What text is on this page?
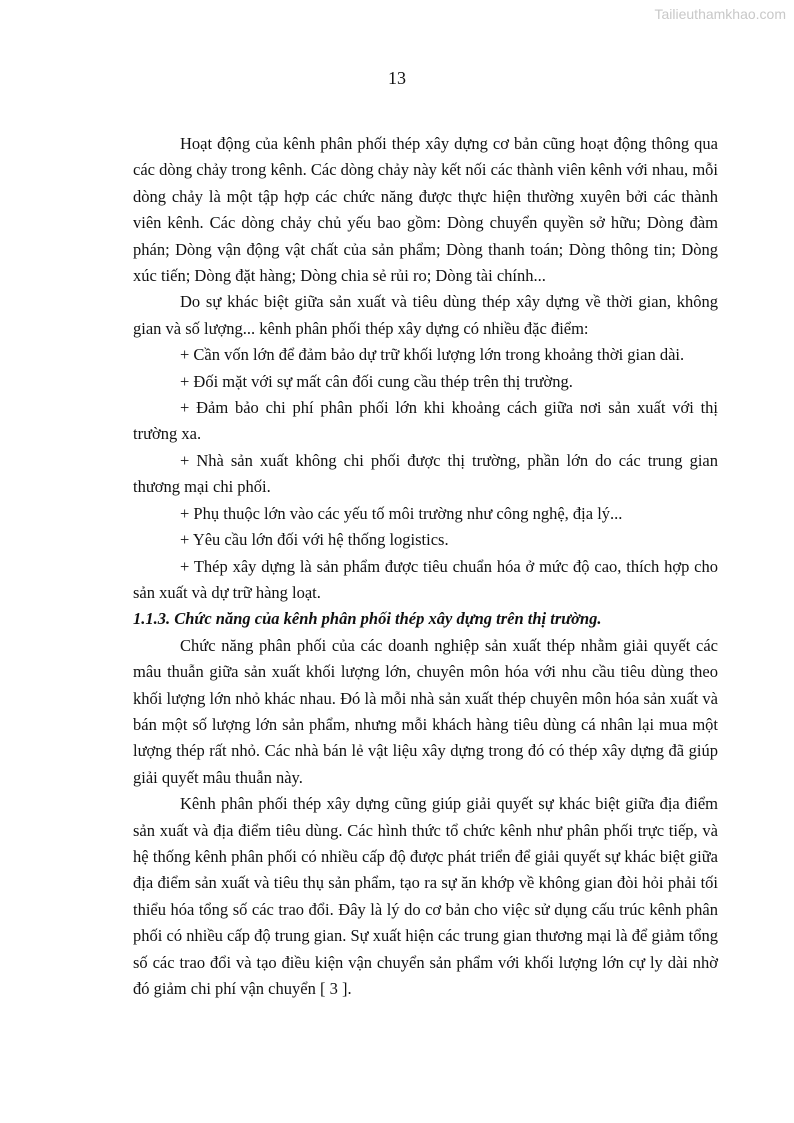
Tailieuthamkhao.com
13

Hoạt động của kênh phân phối thép xây dựng cơ bản cũng hoạt động thông qua các dòng chảy trong kênh. Các dòng chảy này kết nối các thành viên kênh với nhau, mỗi dòng chảy là một tập hợp các chức năng được thực hiện thường xuyên bởi các thành viên kênh. Các dòng chảy chủ yếu bao gồm: Dòng chuyển quyền sở hữu; Dòng đàm phán; Dòng vận động vật chất của sản phẩm; Dòng thanh toán; Dòng thông tin; Dòng xúc tiến; Dòng đặt hàng; Dòng chia sẻ rủi ro; Dòng tài chính...

Do sự khác biệt giữa sản xuất và tiêu dùng thép xây dựng về thời gian, không gian và số lượng... kênh phân phối thép xây dựng có nhiều đặc điểm:

+ Cần vốn lớn để đảm bảo dự trữ khối lượng lớn trong khoảng thời gian dài.

+ Đối mặt với sự mất cân đối cung cầu thép trên thị trường.

+ Đảm bảo chi phí phân phối lớn khi khoảng cách giữa nơi sản xuất với thị trường xa.

+ Nhà sản xuất không chi phối được thị trường, phần lớn do các trung gian thương mại chi phối.

+ Phụ thuộc lớn vào các yếu tố môi trường như công nghệ, địa lý...

+ Yêu cầu lớn đối với hệ thống logistics.

+ Thép xây dựng là sản phẩm được tiêu chuẩn hóa ở mức độ cao, thích hợp cho sản xuất và dự trữ hàng loạt.

1.1.3. Chức năng của kênh phân phối thép xây dựng trên thị trường.

Chức năng phân phối của các doanh nghiệp sản xuất thép nhằm giải quyết các mâu thuẫn giữa sản xuất khối lượng lớn, chuyên môn hóa với nhu cầu tiêu dùng theo khối lượng lớn nhỏ khác nhau. Đó là mỗi nhà sản xuất thép chuyên môn hóa sản xuất và bán một số lượng lớn sản phẩm, nhưng mỗi khách hàng tiêu dùng cá nhân lại mua một lượng thép rất nhỏ. Các nhà bán lẻ vật liệu xây dựng trong đó có thép xây dựng đã giúp giải quyết mâu thuẫn này.

Kênh phân phối thép xây dựng cũng giúp giải quyết sự khác biệt giữa địa điểm sản xuất và địa điểm tiêu dùng. Các hình thức tổ chức kênh như phân phối trực tiếp, và hệ thống kênh phân phối có nhiều cấp độ được phát triển để giải quyết sự khác biệt giữa địa điểm sản xuất và tiêu thụ sản phẩm, tạo ra sự ăn khớp về không gian đòi hỏi phải tối thiểu hóa tổng số các trao đổi. Đây là lý do cơ bản cho việc sử dụng cấu trúc kênh phân phối có nhiều cấp độ trung gian. Sự xuất hiện các trung gian thương mại là để giảm tổng số các trao đổi và tạo điều kiện vận chuyển sản phẩm với khối lượng lớn cự ly dài nhờ đó giảm chi phí vận chuyển [ 3 ].
